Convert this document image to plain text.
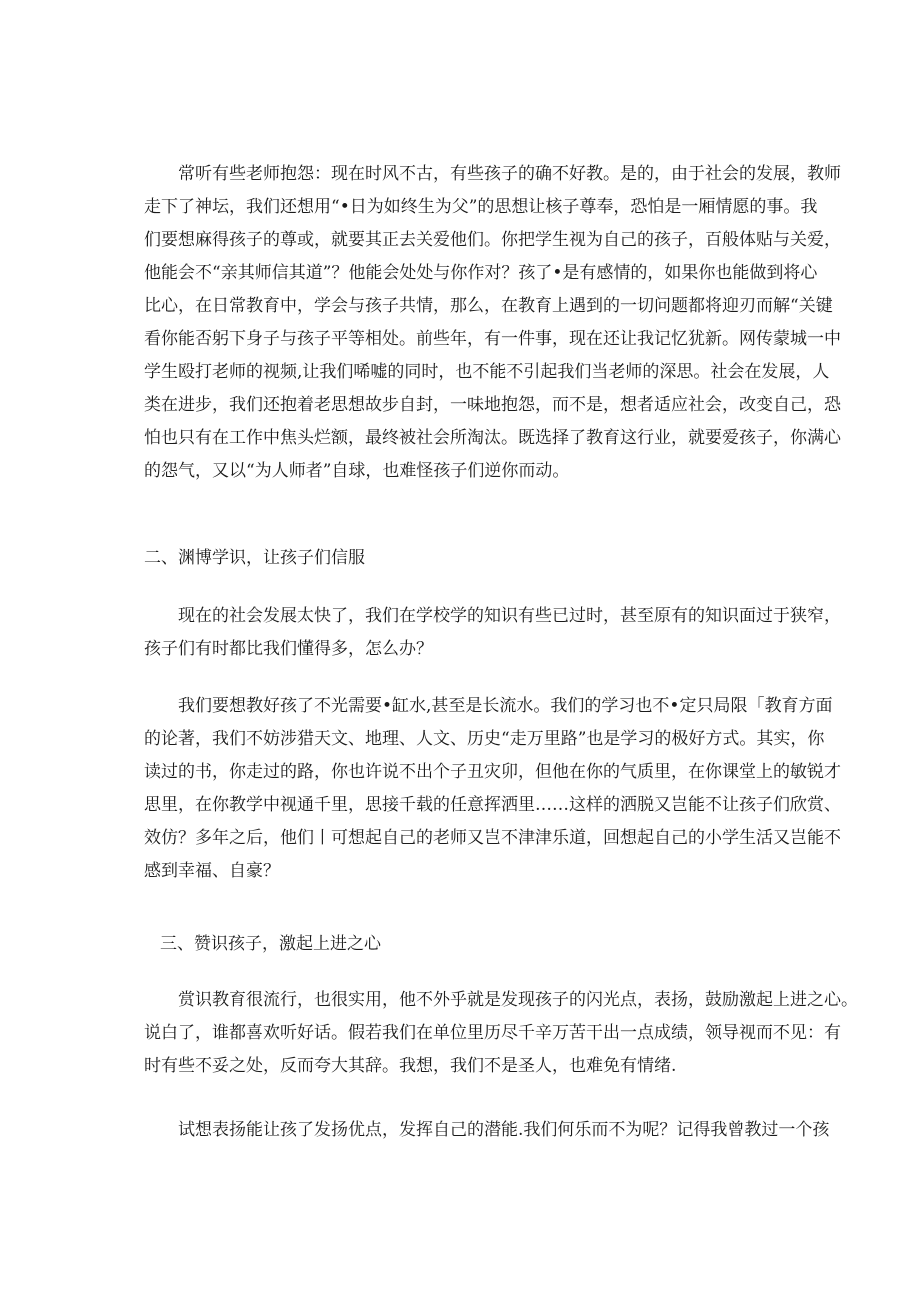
常听有些老师抱怨：现在时风不古，有些孩子的确不好教。是的，由于社会的发展，教师
走下了神坛，我们还想用“•日为如终生为父”的思想让核子尊奉，恐怕是一厢情愿的事。我
们要想麻得孩子的尊或，就要其正去关爱他们。你把学生视为自己的孩子，百般体贴与关爱，
他能会不“亲其师信其道”？他能会处处与你作对？孩了•是有感情的，如果你也能做到将心
比心，在日常教育中，学会与孩子共情，那么，在教育上遇到的一切问题都将迎刃而解“关键
看你能否躬下身子与孩子平等相处。前些年，有一件事，现在还让我记忆犹新。网传蒙城一中
学生殴打老师的视频,让我们唏嘘的同时，也不能不引起我们当老师的深思。社会在发展，人
类在进步，我们还抱着老思想故步自封，一味地抱怨，而不是，想者适应社会，改变自己，恐
怕也只有在工作中焦头烂额，最终被社会所淘汰。既选择了教育这行业，就要爱孩子，你满心
的怨气，又以“为人师者”自球，也难怪孩子们逆你而动。
二、渊博学识，让孩子们信服
现在的社会发展太快了，我们在学校学的知识有些已过时，甚至原有的知识面过于狭窄，
孩子们有时都比我们懂得多，怎么办？
我们要想教好孩了不光需要•缸水,甚至是长流水。我们的学习也不•定只局限「教育方面
的论著，我们不妨涉猎天文、地理、人文、历史“走万里路”也是学习的极好方式。其实，你
读过的书，你走过的路，你也许说不出个子丑灾卯，但他在你的气质里，在你课堂上的敏锐才
思里，在你教学中视通千里，思接千载的任意挥洒里……这样的洒脱又岂能不让孩子们欣赏、
效仿？多年之后，他们丨可想起自己的老师又岂不津津乐道，回想起自己的小学生活又岂能不
感到幸福、自豪？
三、赞识孩子，激起上进之心
赏识教育很流行，也很实用，他不外乎就是发现孩子的闪光点，表扬，鼓励激起上进之心。
说白了，谁都喜欢听好话。假若我们在单位里历尽千辛万苦干出一点成绩，领导视而不见：有
时有些不妥之处，反而夸大其辞。我想，我们不是圣人，也难免有情绪.
试想表扬能让孩了发扬优点，发挥自己的潜能.我们何乐而不为呢？记得我曾教过一个孩
